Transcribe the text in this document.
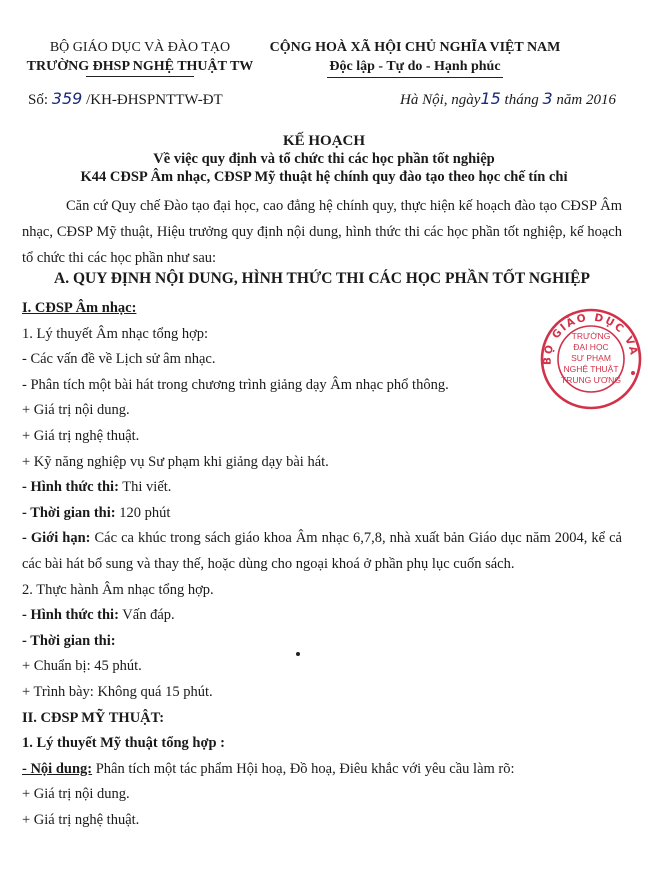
BỘ GIÁO DỤC VÀ ĐÀO TẠO
TRƯỜNG ĐHSP NGHỆ THUẬT TW
CỘNG HOÀ XÃ HỘI CHỦ NGHĨA VIỆT NAM
Độc lập - Tự do - Hạnh phúc
Số: 359 /KH-ĐHSPNTTW-ĐT	Hà Nội, ngày15 tháng 3 năm 2016
KẾ HOẠCH
Về việc quy định và tổ chức thi các học phần tốt nghiệp
K44 CĐSP Âm nhạc, CĐSP Mỹ thuật hệ chính quy đào tạo theo học chế tín chỉ

Căn cứ Quy chế Đào tạo đại học, cao đẳng hệ chính quy, thực hiện kế hoạch đào tạo CĐSP Âm nhạc, CĐSP Mỹ thuật, Hiệu trưởng quy định nội dung, hình thức thi các học phần tốt nghiệp, kế hoạch tổ chức thi các học phần như sau:

A. QUY ĐỊNH NỘI DUNG, HÌNH THỨC THI CÁC HỌC PHẦN TỐT NGHIỆP
I. CĐSP Âm nhạc:
1. Lý thuyết Âm nhạc tổng hợp:
- Các vấn đề về Lịch sử âm nhạc.
- Phân tích một bài hát trong chương trình giảng dạy Âm nhạc phổ thông.
+ Giá trị nội dung.
+ Giá trị nghệ thuật.
+ Kỹ năng nghiệp vụ Sư phạm khi giảng dạy bài hát.
- Hình thức thi: Thi viết.
- Thời gian thi: 120 phút
- Giới hạn: Các ca khúc trong sách giáo khoa Âm nhạc 6,7,8, nhà xuất bản Giáo dục năm 2004, kể cả các bài hát bổ sung và thay thế, hoặc dùng cho ngoại khoá ở phần phụ lục cuốn sách.
2. Thực hành Âm nhạc tổng hợp.
- Hình thức thi: Vấn đáp.
- Thời gian thi:
+ Chuẩn bị: 45 phút.
+ Trình bày: Không quá 15 phút.
II. CĐSP MỸ THUẬT:
1. Lý thuyết Mỹ thuật tổng hợp :
- Nội dung: Phân tích một tác phẩm Hội hoạ, Đồ hoạ, Điêu khắc với yêu cầu làm rõ:
+ Giá trị nội dung.
+ Giá trị nghệ thuật.
BỘ GIÁO DỤC VÀ
TRƯỜNG
ĐẠI HỌC
SƯ PHẠM
NGHỆ THUẬT
TRUNG ƯƠNG
